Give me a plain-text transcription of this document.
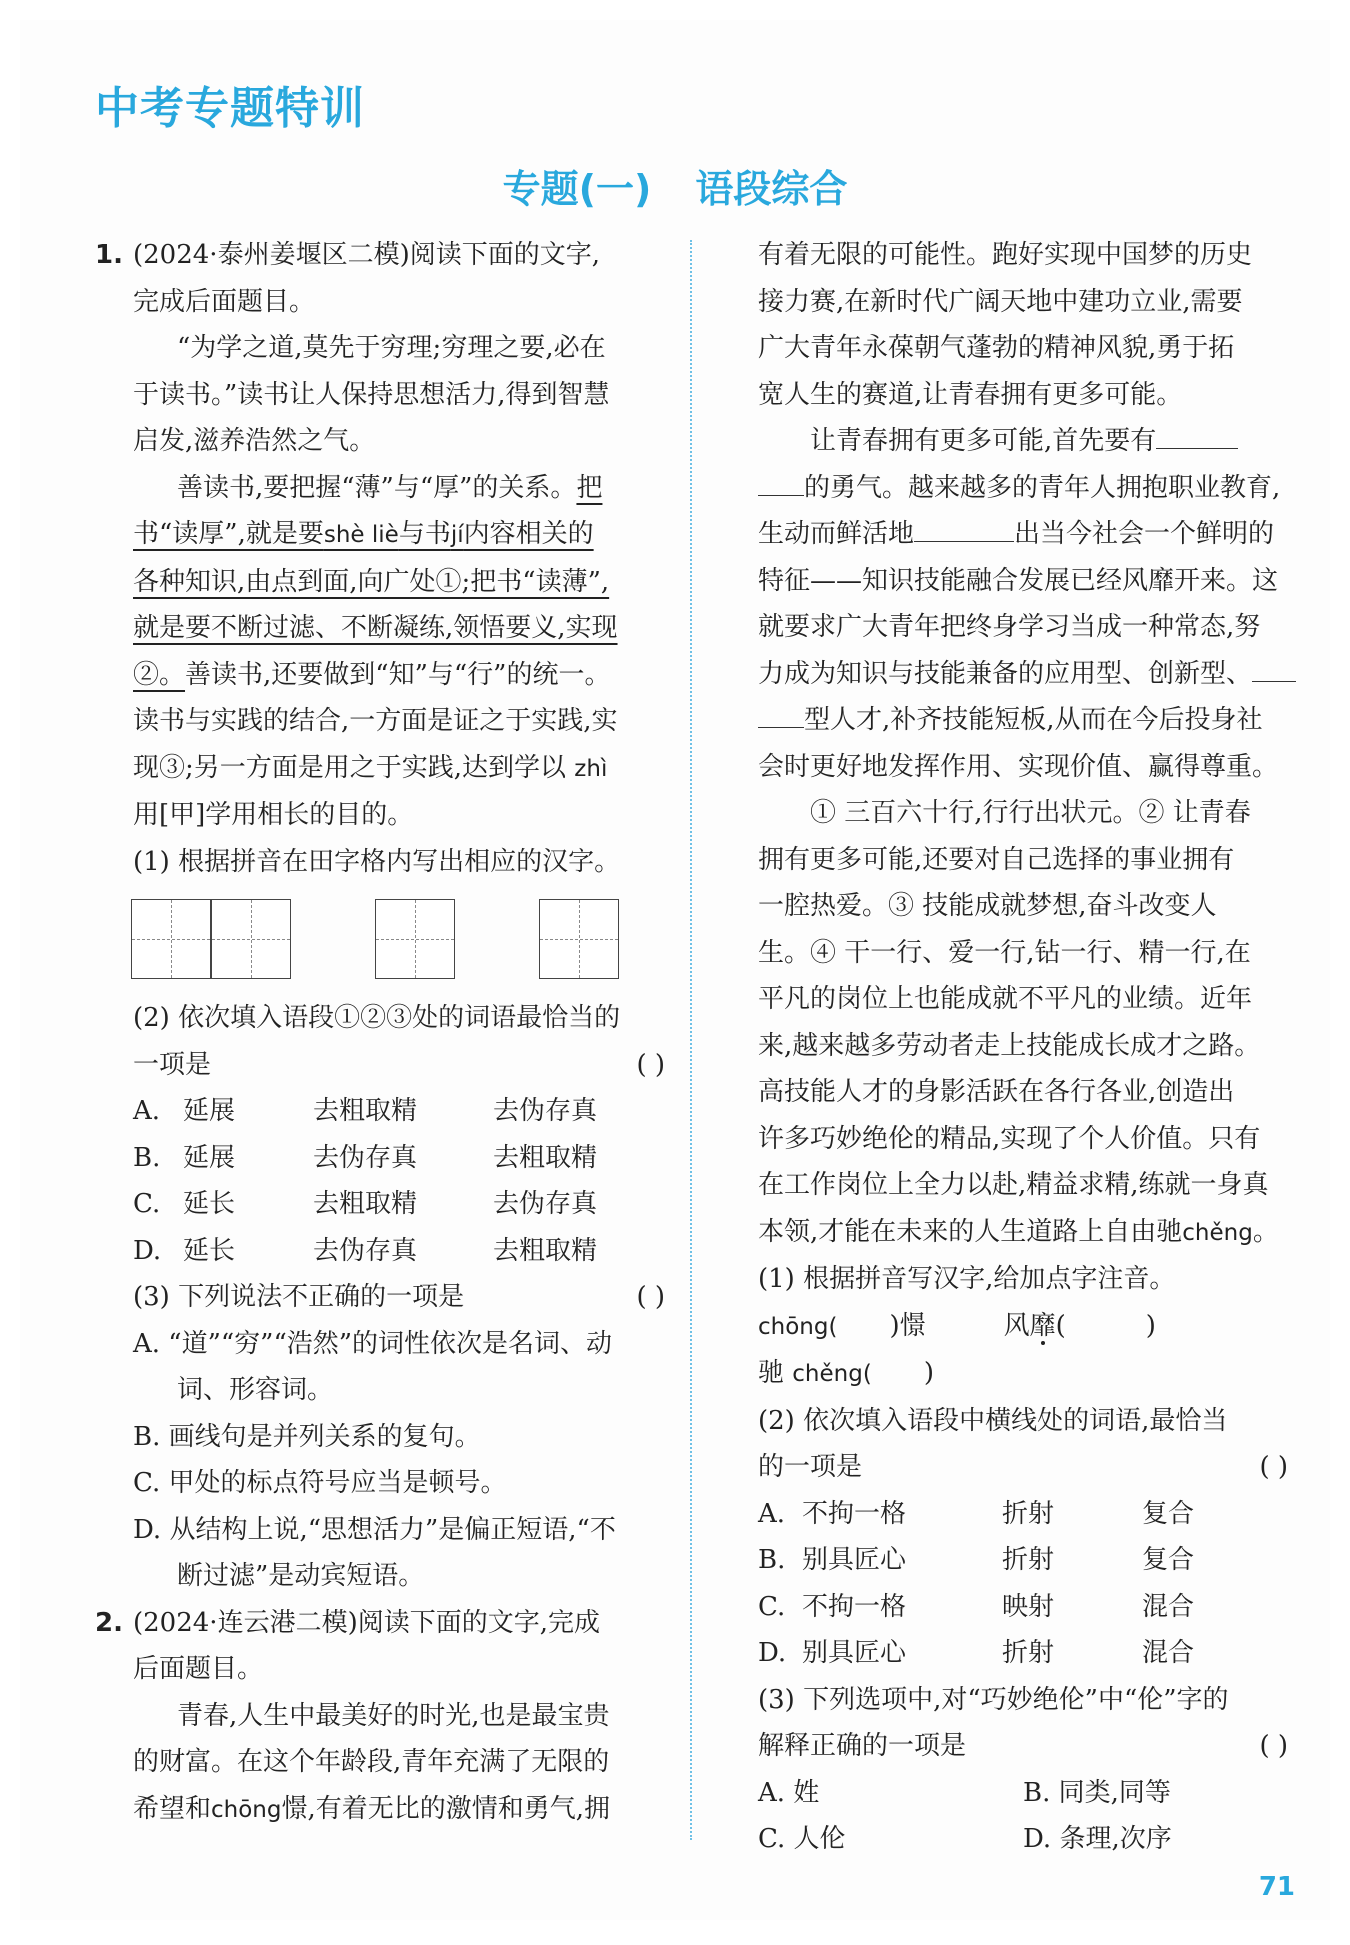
中考专题特训
专题(一) 语段综合
1. (2024·泰州姜堰区二模)阅读下面的文字,
完成后面题目。
“为学之道,莫先于穷理;穷理之要,必在
于读书。”读书让人保持思想活力,得到智慧
启发,滋养浩然之气。
善读书,要把握“薄”与“厚”的关系。把
书“读厚”,就是要shè liè与书jí内容相关的
各种知识,由点到面,向广处①;把书“读薄”,
就是要不断过滤、不断凝练,领悟要义,实现
②。善读书,还要做到“知”与“行”的统一。
读书与实践的结合,一方面是证之于实践,实
现③;另一方面是用之于实践,达到学以 zhì
用[甲]学用相长的目的。
(1) 根据拼音在田字格内写出相应的汉字。
(2) 依次填入语段①②③处的词语最恰当的
一项是	( )
A. 延展	去粗取精	去伪存真
B. 延展	去伪存真	去粗取精
C. 延长	去粗取精	去伪存真
D. 延长	去伪存真	去粗取精
(3) 下列说法不正确的一项是	( )
A. “道”“穷”“浩然”的词性依次是名词、动
词、形容词。
B. 画线句是并列关系的复句。
C. 甲处的标点符号应当是顿号。
D. 从结构上说,“思想活力”是偏正短语,“不
断过滤”是动宾短语。
2. (2024·连云港二模)阅读下面的文字,完成
后面题目。
青春,人生中最美好的时光,也是最宝贵
的财富。在这个年龄段,青年充满了无限的
希望和chōng憬,有着无比的激情和勇气,拥
有着无限的可能性。跑好实现中国梦的历史
接力赛,在新时代广阔天地中建功立业,需要
广大青年永葆朝气蓬勃的精神风貌,勇于拓
宽人生的赛道,让青春拥有更多可能。
让青春拥有更多可能,首先要有
的勇气。越来越多的青年人拥抱职业教育,
生动而鲜活地	出当今社会一个鲜明的
特征——知识技能融合发展已经风靡开来。这
就要求广大青年把终身学习当成一种常态,努
力成为知识与技能兼备的应用型、创新型、
型人才,补齐技能短板,从而在今后投身社
会时更好地发挥作用、实现价值、赢得尊重。
① 三百六十行,行行出状元。② 让青春
拥有更多可能,还要对自己选择的事业拥有
一腔热爱。③ 技能成就梦想,奋斗改变人
生。④ 干一行、爱一行,钻一行、精一行,在
平凡的岗位上也能成就不平凡的业绩。近年
来,越来越多劳动者走上技能成长成才之路。
高技能人才的身影活跃在各行各业,创造出
许多巧妙绝伦的精品,实现了个人价值。只有
在工作岗位上全力以赴,精益求精,练就一身真
本领,才能在未来的人生道路上自由驰chěng。
(1) 根据拼音写汉字,给加点字注音。
chōng( )憬	风靡(	)
驰 chěng( )
(2) 依次填入语段中横线处的词语,最恰当
的一项是	( )
A. 不拘一格	折射	复合
B. 别具匠心	折射	复合
C. 不拘一格	映射	混合
D. 别具匠心	折射	混合
(3) 下列选项中,对“巧妙绝伦”中“伦”字的
解释正确的一项是	( )
A. 姓	B. 同类,同等
C. 人伦	D. 条理,次序
71
